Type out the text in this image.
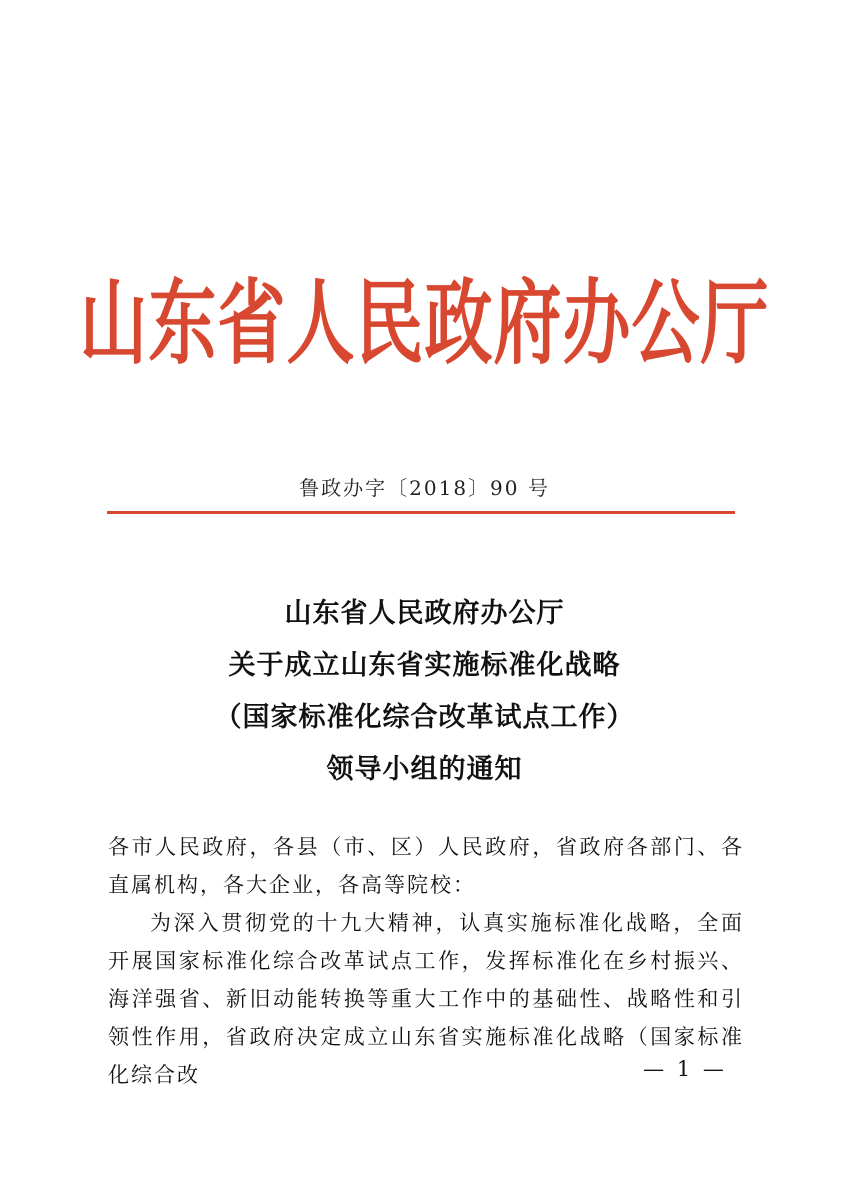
山东省人民政府办公厅
鲁政办字〔2018〕90 号
山东省人民政府办公厅
关于成立山东省实施标准化战略
（国家标准化综合改革试点工作）
领导小组的通知
各市人民政府，各县（市、区）人民政府，省政府各部门、各直属机构，各大企业，各高等院校：
为深入贯彻党的十九大精神，认真实施标准化战略，全面开展国家标准化综合改革试点工作，发挥标准化在乡村振兴、海洋强省、新旧动能转换等重大工作中的基础性、战略性和引领性作用，省政府决定成立山东省实施标准化战略（国家标准化综合改	— 1 —
